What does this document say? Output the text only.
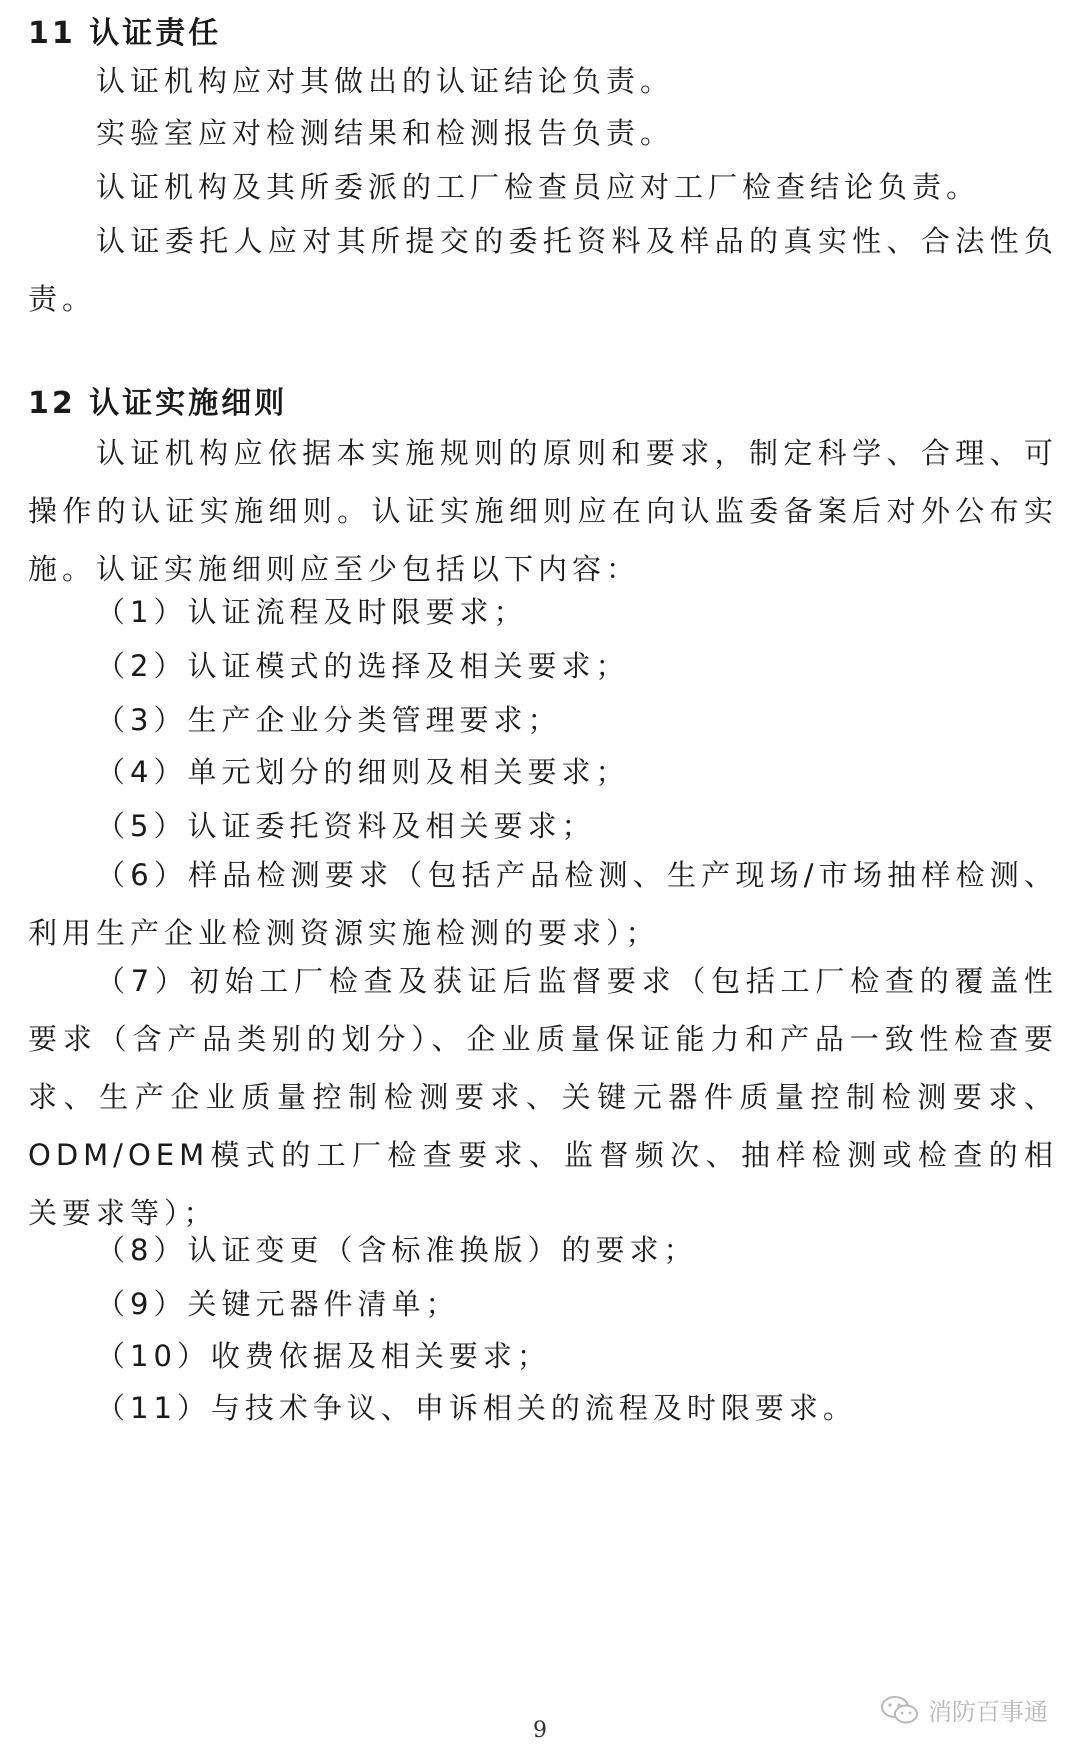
11 认证责任
认证机构应对其做出的认证结论负责。
实验室应对检测结果和检测报告负责。
认证机构及其所委派的工厂检查员应对工厂检查结论负责。
认证委托人应对其所提交的委托资料及样品的真实性、合法性负责。
12 认证实施细则
认证机构应依据本实施规则的原则和要求，制定科学、合理、可操作的认证实施细则。认证实施细则应在向认监委备案后对外公布实施。认证实施细则应至少包括以下内容：
（1）认证流程及时限要求；
（2）认证模式的选择及相关要求；
（3）生产企业分类管理要求；
（4）单元划分的细则及相关要求；
（5）认证委托资料及相关要求；
（6）样品检测要求（包括产品检测、生产现场/市场抽样检测、利用生产企业检测资源实施检测的要求）；
（7）初始工厂检查及获证后监督要求（包括工厂检查的覆盖性要求（含产品类别的划分）、企业质量保证能力和产品一致性检查要求、生产企业质量控制检测要求、关键元器件质量控制检测要求、ODM/OEM模式的工厂检查要求、监督频次、抽样检测或检查的相关要求等）；
（8）认证变更（含标准换版）的要求；
（9）关键元器件清单；
（10）收费依据及相关要求；
（11）与技术争议、申诉相关的流程及时限要求。
消防百事通
9
